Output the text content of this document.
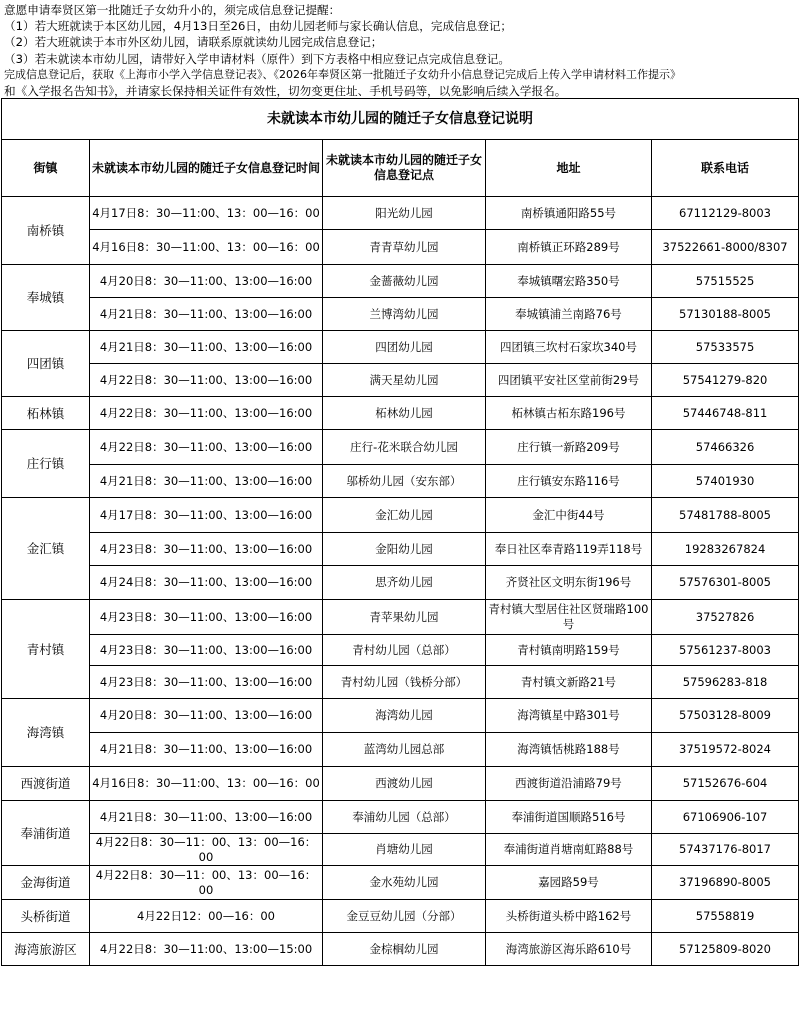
意愿申请奉贤区第一批随迁子女幼升小的，须完成信息登记提醒：

（1）若大班就读于本区幼儿园，4月13日至26日，由幼儿园老师与家长确认信息，完成信息登记；

（2）若大班就读于本市外区幼儿园，请联系原就读幼儿园完成信息登记；

（3）若未就读本市幼儿园，请带好入学申请材料（原件）到下方表格中相应登记点完成信息登记。

完成信息登记后，获取《上海市小学入学信息登记表》、《2026年奉贤区第一批随迁子女幼升小信息登记完成后上传入学申请材料工作提示》

和《入学报名告知书》，并请家长保持相关证件有效性，切勿变更住址、手机号码等，以免影响后续入学报名。

未就读本市幼儿园的随迁子女信息登记说明				
街镇	未就读本市幼儿园的随迁子女信息登记时间	未就读本市幼儿园的随迁子女信息登记点	地址	联系电话
南桥镇	4月17日8：30—11:00、13：00—16：00	阳光幼儿园	南桥镇通阳路55号	67112129-8003
	4月16日8：30—11:00、13：00—16：00	青青草幼儿园	南桥镇正环路289号	37522661-8000/8307
奉城镇	4月20日8：30—11:00、13:00—16:00	金蔷薇幼儿园	奉城镇曙宏路350号	57515525
	4月21日8：30—11:00、13:00—16:00	兰博湾幼儿园	奉城镇浦兰南路76号	57130188-8005
四团镇	4月21日8：30—11:00、13:00—16:00	四团幼儿园	四团镇三坎村石家坎340号	57533575
	4月22日8：30—11:00、13:00—16:00	满天星幼儿园	四团镇平安社区堂前街29号	57541279-820
柘林镇	4月22日8：30—11:00、13:00—16:00	柘林幼儿园	柘林镇古柘东路196号	57446748-811
庄行镇	4月22日8：30—11:00、13:00—16:00	庄行-花米联合幼儿园	庄行镇一新路209号	57466326
	4月21日8：30—11:00、13:00—16:00	邬桥幼儿园（安东部）	庄行镇安东路116号	57401930
金汇镇	4月17日8：30—11:00、13:00—16:00	金汇幼儿园	金汇中街44号	57481788-8005
	4月23日8：30—11:00、13:00—16:00	金阳幼儿园	奉日社区奉青路119弄118号	19283267824
	4月24日8：30—11:00、13:00—16:00	思齐幼儿园	齐贤社区文明东街196号	57576301-8005
青村镇	4月23日8：30—11:00、13:00—16:00	青苹果幼儿园	青村镇大型居住社区贤瑞路100号	37527826
	4月23日8：30—11:00、13:00—16:00	青村幼儿园（总部）	青村镇南明路159号	57561237-8003
	4月23日8：30—11:00、13:00—16:00	青村幼儿园（钱桥分部）	青村镇文新路21号	57596283-818
海湾镇	4月20日8：30—11:00、13:00—16:00	海湾幼儿园	海湾镇星中路301号	57503128-8009
	4月21日8：30—11:00、13:00—16:00	蓝湾幼儿园总部	海湾镇恬桃路188号	37519572-8024
西渡街道	4月16日8：30—11:00、13：00—16：00	西渡幼儿园	西渡街道沿浦路79号	57152676-604
奉浦街道	4月21日8：30—11:00、13:00—16:00	奉浦幼儿园（总部）	奉浦街道国顺路516号	67106906-107
	4月22日8：30—11：00、13：00—16：00	肖塘幼儿园	奉浦街道肖塘南虹路88号	57437176-8017
金海街道	4月22日8：30—11：00、13：00—16：00	金水苑幼儿园	嘉园路59号	37196890-8005
头桥街道	4月22日12：00—16：00	金豆豆幼儿园（分部）	头桥街道头桥中路162号	57558819
海湾旅游区	4月22日8：30—11:00、13:00—15:00	金棕榈幼儿园	海湾旅游区海乐路610号	57125809-8020
